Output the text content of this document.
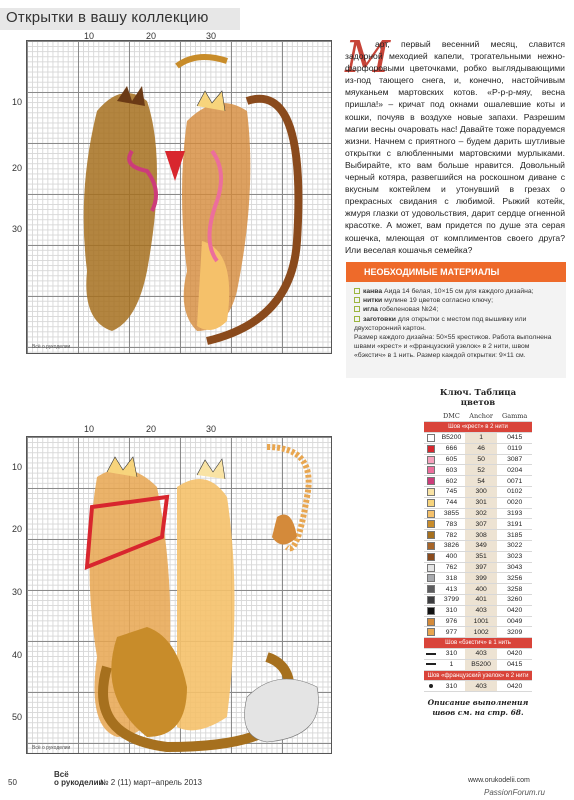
Открытки в вашу коллекцию
10	20	30
10
20
30
Всё о рукоделии
10	20	30
10
20
30
40
50
Всё о рукоделии
М
арт, первый весенний месяц, славится задорной меходией капели, трогательными нежно-фарфоровыми цветочками, робко выглядывающими из-под тающего снега, и, конечно, настойчивым мяуканьем мартовских котов. «Р-р-р-мяу, весна пришла!» – кричат под окнами ошалевшие коты и кошки, почуяв в воздухе новые запахи. Разрешим магии весны очаровать нас! Давайте тоже порадуемся жизни. Начнем с приятного – будем дарить шутливые открытки с влюбленными мартовскими мурлыками. Выбирайте, кто вам больше нравится. Довольный черный котяра, развегшийся на роскошном диване с вкусным коктейлем и утонувший в грезах о прекрасных свидания с любимой. Рыжий котейк, жмуря глазки от удовольствия, дарит сердце огненной красотке. А может, вам придется по душе эта серая кошечка, млеющая от комплиментов своего друга? Или веселая кошачья семейка?
НЕОБХОДИМЫЕ МАТЕРИАЛЫ
канва Аида 14 белая, 10×15 см для каждого дизайна;
нитки мулине 19 цветов согласно ключу;
игла гобеленовая №24;
заготовки для открытки с местом под вышивку или двухсторонний картон.
Размер каждого дизайна: 50×55 крестиков. Работа выполнена швами «крест» и «французский узелок» в 2 нити, швом «бэкстич» в 1 нить. Размер каждой открытки: 9×11 см.
Ключ. Таблица цветов
	DMC	Anchor	Gamma
Шов «крест» в 2 нити			
	B5200	1	0415
	666	46	0119
	605	50	3087
	603	52	0204
	602	54	0071
	745	300	0102
	744	301	0020
	3855	302	3193
	783	307	3191
	782	308	3185
	3826	349	3022
	400	351	3023
	762	397	3043
	318	399	3256
	413	400	3258
	3799	401	3260
	310	403	0420
	976	1001	0049
	977	1002	3209
Шов «бэкстич» в 1 нить			
	310	403	0420
	1	B5200	0415
Шов «французский узелок» в 2 нити			
	310	403	0420
Описание выполнения швов см. на стр. 68.
50
Всё
о рукоделии
№ 2 (11) март–апрель 2013	www.orukodelii.com
PassionForum.ru
